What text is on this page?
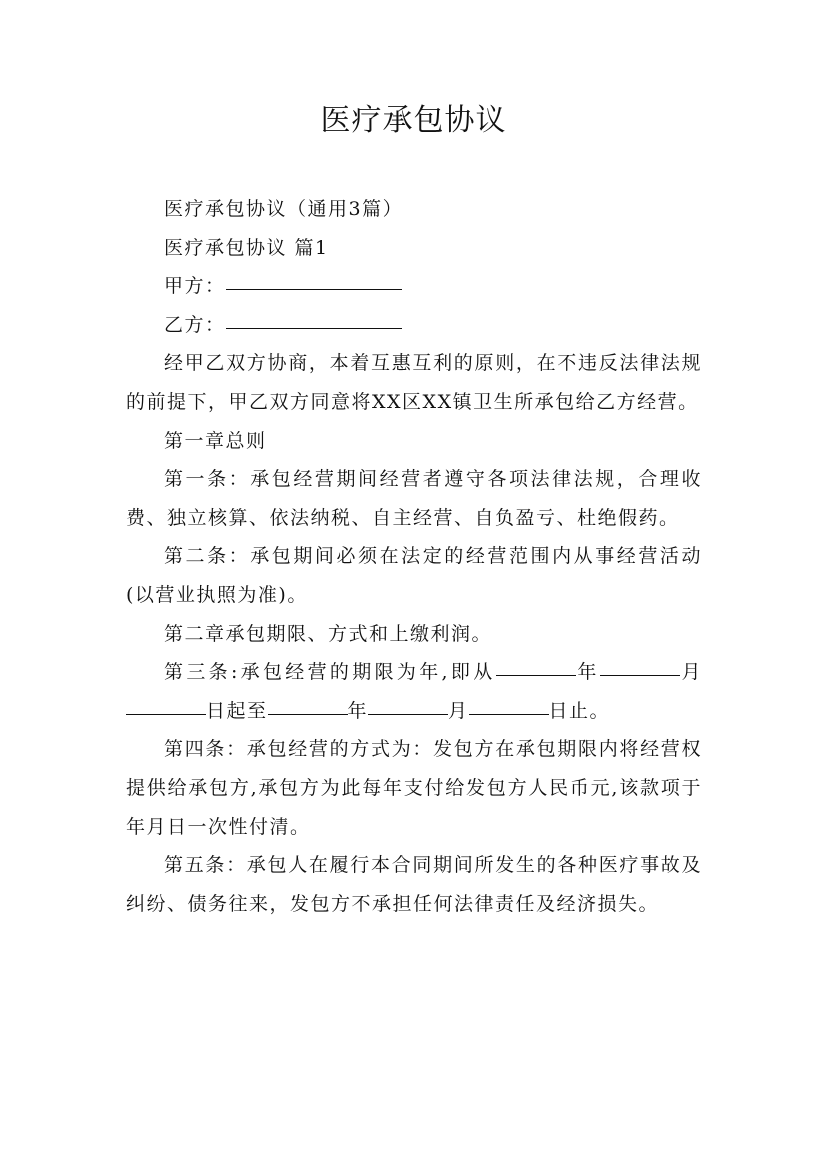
医疗承包协议

医疗承包协议（通用3篇）

医疗承包协议 篇1

甲方：

乙方：

经甲乙双方协商，本着互惠互利的原则，在不违反法律法规的前提下，甲乙双方同意将XX区XX镇卫生所承包给乙方经营。

第一章总则

第一条：承包经营期间经营者遵守各项法律法规，合理收费、独立核算、依法纳税、自主经营、自负盈亏、杜绝假药。

第二条：承包期间必须在法定的经营范围内从事经营活动(以营业执照为准)。

第二章承包期限、方式和上缴利润。

第三条:承包经营的期限为年,即从	年	月日起至	年	月	日止。

第四条：承包经营的方式为：发包方在承包期限内将经营权提供给承包方,承包方为此每年支付给发包方人民币元,该款项于年月日一次性付清。

第五条：承包人在履行本合同期间所发生的各种医疗事故及纠纷、债务往来，发包方不承担任何法律责任及经济损失。
